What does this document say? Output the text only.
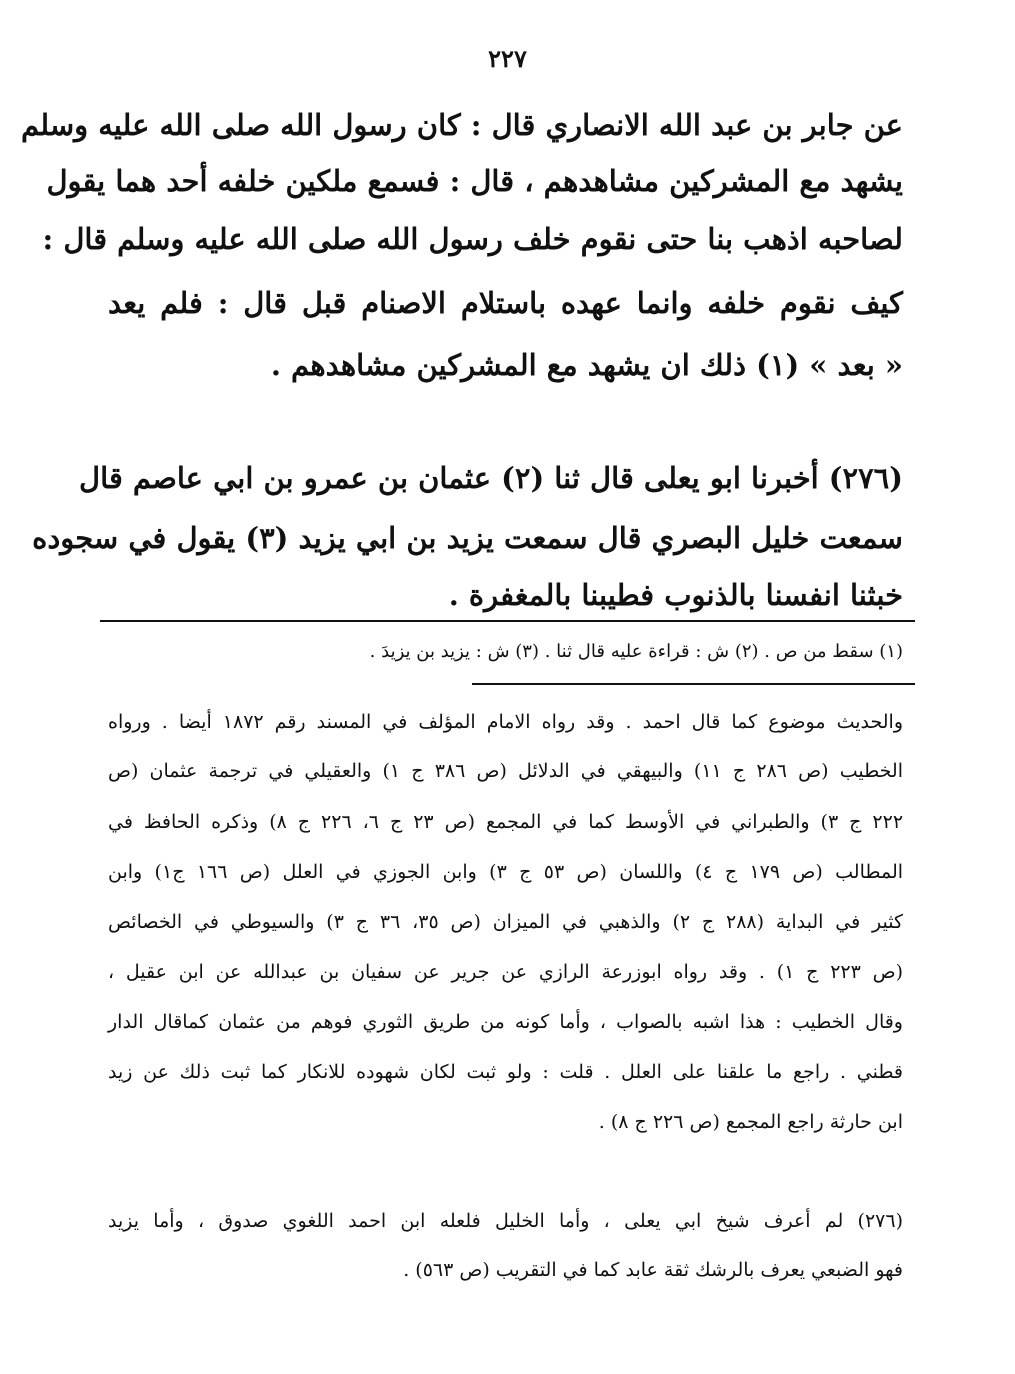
٢٢٧
عن جابر بن عبد الله الانصاري قال : كان رسول الله صلى الله عليه وسلم
يشهد مع المشركين مشاهدهم ، قال : فسمع ملكين خلفه أحد هما يقول
لصاحبه اذهب بنا حتى نقوم خلف رسول الله صلى الله عليه وسلم قال :
كيف نقوم خلفه وانما عهده باستلام الاصنام قبل قال : فلم يعد
« بعد » (١) ذلك ان يشهد مع المشركين مشاهدهم .
(٢٧٦) أخبرنا ابو يعلى قال ثنا (٢) عثمان بن عمرو بن ابي عاصم قال
سمعت خليل البصري قال سمعت يزيد بن ابي يزيد (٣) يقول في سجوده
خبثنا انفسنا بالذنوب فطيبنا بالمغفرة .
(١) سقط من ص . (٢) ش : قراءة عليه قال ثنا . (٣) ش : يزيد بن يزيدَ .
والحديث موضوع كما قال احمد . وقد رواه الامام المؤلف في المسند رقم ١٨٧٢ أيضا . ورواه
الخطيب (ص ٢٨٦ ج ١١) والبيهقي في الدلائل (ص ٣٨٦ ج ١) والعقيلي في ترجمة عثمان (ص
٢٢٢ ج ٣) والطبراني في الأوسط كما في المجمع (ص ٢٣ ج ٦، ٢٢٦ ج ٨) وذكره الحافظ في
المطالب (ص ١٧٩ ج ٤) واللسان (ص ٥٣ ج ٣) وابن الجوزي في العلل (ص ١٦٦ ج١) وابن
كثير في البداية (٢٨٨ ج ٢) والذهبي في الميزان (ص ٣٥، ٣٦ ج ٣) والسيوطي في الخصائص
(ص ٢٢٣ ج ١) . وقد رواه ابوزرعة الرازي عن جرير عن سفيان بن عبدالله عن ابن عقيل ،
وقال الخطيب : هذا اشبه بالصواب ، وأما كونه من طريق الثوري فوهم من عثمان كماقال الدار
قطني . راجع ما علقنا على العلل . قلت : ولو ثبت لكان شهوده للانكار كما ثبت ذلك عن زيد
ابن حارثة راجع المجمع (ص ٢٢٦ ج ٨) .
(٢٧٦) لم أعرف شيخ ابي يعلى ، وأما الخليل فلعله ابن احمد اللغوي صدوق ، وأما يزيد
فهو الضبعي يعرف بالرشك ثقة عابد كما في التقريب (ص ٥٦٣) .
